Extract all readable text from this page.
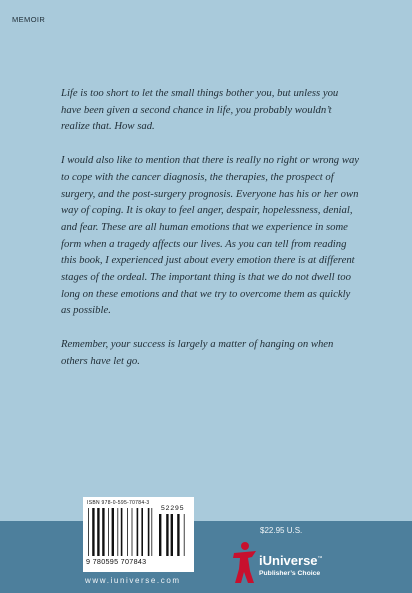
MEMOIR

Life is too short to let the small things bother you, but unless you have been given a second chance in life, you probably wouldn’t realize that. How sad.

I would also like to mention that there is really no right or wrong way to cope with the cancer diagnosis, the therapies, the prospect of surgery, and the post-surgery prognosis. Everyone has his or her own way of coping. It is okay to feel anger, despair, hopelessness, denial, and fear. These are all human emotions that we experience in some form when a tragedy affects our lives. As you can tell from reading this book, I experienced just about every emotion there is at different stages of the ordeal. The important thing is that we do not dwell too long on these emotions and that we try to overcome them as quickly as possible.

Remember, your success is largely a matter of hanging on when others have let go.

ISBN 978-0-595-70784-3
52295
9 780595 707843
www.iuniverse.com
$22.95 U.S.
iUniverse™
Publisher’s Choice
